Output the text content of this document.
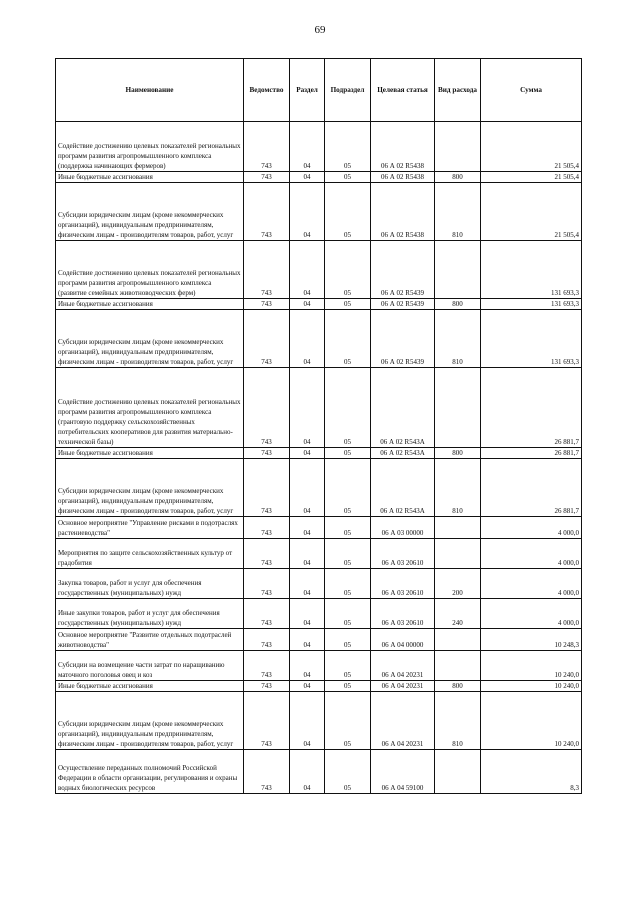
69
Наименование	Ведомство	Раздел	Подраздел	Целевая статья	Вид расхода	Сумма
Содействие достижению целевых показателей региональных программ развития агропромышленного комплекса (поддержка начинающих фермеров)	743	04	05	06 А 02 R5438		21 505,4
Иные бюджетные ассигнования	743	04	05	06 А 02 R5438	800	21 505,4
Субсидии юридическим лицам (кроме некоммерческих организаций), индивидуальным предпринимателям, физическим лицам - производителям товаров, работ, услуг	743	04	05	06 А 02 R5438	810	21 505,4
Содействие достижению целевых показателей региональных программ развития агропромышленного комплекса (развитие семейных животноводческих ферм)	743	04	05	06 А 02 R5439		131 693,3
Иные бюджетные ассигнования	743	04	05	06 А 02 R5439	800	131 693,3
Субсидии юридическим лицам (кроме некоммерческих организаций), индивидуальным предпринимателям, физическим лицам - производителям товаров, работ, услуг	743	04	05	06 А 02 R5439	810	131 693,3
Содействие достижению целевых показателей региональных программ развития агропромышленного комплекса (грантовую поддержку сельскохозяйственных потребительских кооперативов для развития материально-технической базы)	743	04	05	06 А 02 R543А		26 881,7
Иные бюджетные ассигнования	743	04	05	06 А 02 R543А	800	26 881,7
Субсидии юридическим лицам (кроме некоммерческих организаций), индивидуальным предпринимателям, физическим лицам - производителям товаров, работ, услуг	743	04	05	06 А 02 R543А	810	26 881,7
Основное мероприятие "Управление рисками в подотраслях растениеводства"	743	04	05	06 А 03 00000		4 000,0
Мероприятия по защите сельскохозяйственных культур от градобития	743	04	05	06 А 03 20610		4 000,0
Закупка товаров, работ и услуг для обеспечения государственных (муниципальных) нужд	743	04	05	06 А 03 20610	200	4 000,0
Иные закупки товаров, работ и услуг для обеспечения государственных (муниципальных) нужд	743	04	05	06 А 03 20610	240	4 000,0
Основное мероприятие "Развитие отдельных подотраслей животноводства"	743	04	05	06 А 04 00000		10 248,3
Субсидии на возмещение части затрат по наращиванию маточного поголовья овец и коз	743	04	05	06 А 04 20231		10 240,0
Иные бюджетные ассигнования	743	04	05	06 А 04 20231	800	10 240,0
Субсидии юридическим лицам (кроме некоммерческих организаций), индивидуальным предпринимателям, физическим лицам - производителям товаров, работ, услуг	743	04	05	06 А 04 20231	810	10 240,0
Осуществление переданных полномочий Российской Федерации в области организации, регулирования и охраны водных биологических ресурсов	743	04	05	06 А 04 59100		8,3
